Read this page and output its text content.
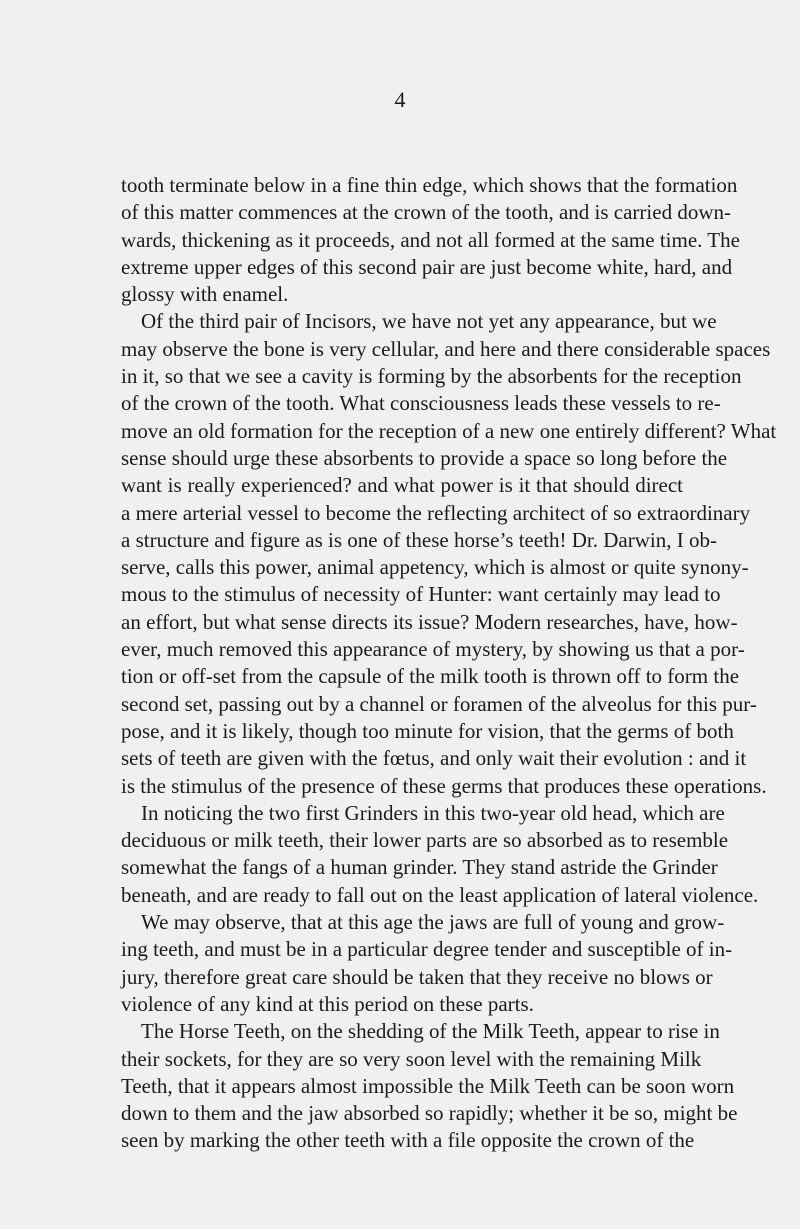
4
tooth terminate below in a fine thin edge, which shows that the formation
of this matter commences at the crown of the tooth, and is carried down-
wards, thickening as it proceeds, and not all formed at the same time. The
extreme upper edges of this second pair are just become white, hard, and
glossy with enamel.
Of the third pair of Incisors, we have not yet any appearance, but we
may observe the bone is very cellular, and here and there considerable spaces
in it, so that we see a cavity is forming by the absorbents for the reception
of the crown of the tooth. What consciousness leads these vessels to re-
move an old formation for the reception of a new one entirely different? What
sense should urge these absorbents to provide a space so long before the
want is really experienced? and what power is it that should direct
a mere arterial vessel to become the reflecting architect of so extraordinary
a structure and figure as is one of these horse’s teeth! Dr. Darwin, I ob-
serve, calls this power, animal appetency, which is almost or quite synony-
mous to the stimulus of necessity of Hunter: want certainly may lead to
an effort, but what sense directs its issue? Modern researches, have, how-
ever, much removed this appearance of mystery, by showing us that a por-
tion or off-set from the capsule of the milk tooth is thrown off to form the
second set, passing out by a channel or foramen of the alveolus for this pur-
pose, and it is likely, though too minute for vision, that the germs of both
sets of teeth are given with the fœtus, and only wait their evolution : and it
is the stimulus of the presence of these germs that produces these operations.
In noticing the two first Grinders in this two-year old head, which are
deciduous or milk teeth, their lower parts are so absorbed as to resemble
somewhat the fangs of a human grinder. They stand astride the Grinder
beneath, and are ready to fall out on the least application of lateral violence.
We may observe, that at this age the jaws are full of young and grow-
ing teeth, and must be in a particular degree tender and susceptible of in-
jury, therefore great care should be taken that they receive no blows or
violence of any kind at this period on these parts.
The Horse Teeth, on the shedding of the Milk Teeth, appear to rise in
their sockets, for they are so very soon level with the remaining Milk
Teeth, that it appears almost impossible the Milk Teeth can be soon worn
down to them and the jaw absorbed so rapidly; whether it be so, might be
seen by marking the other teeth with a file opposite the crown of the
